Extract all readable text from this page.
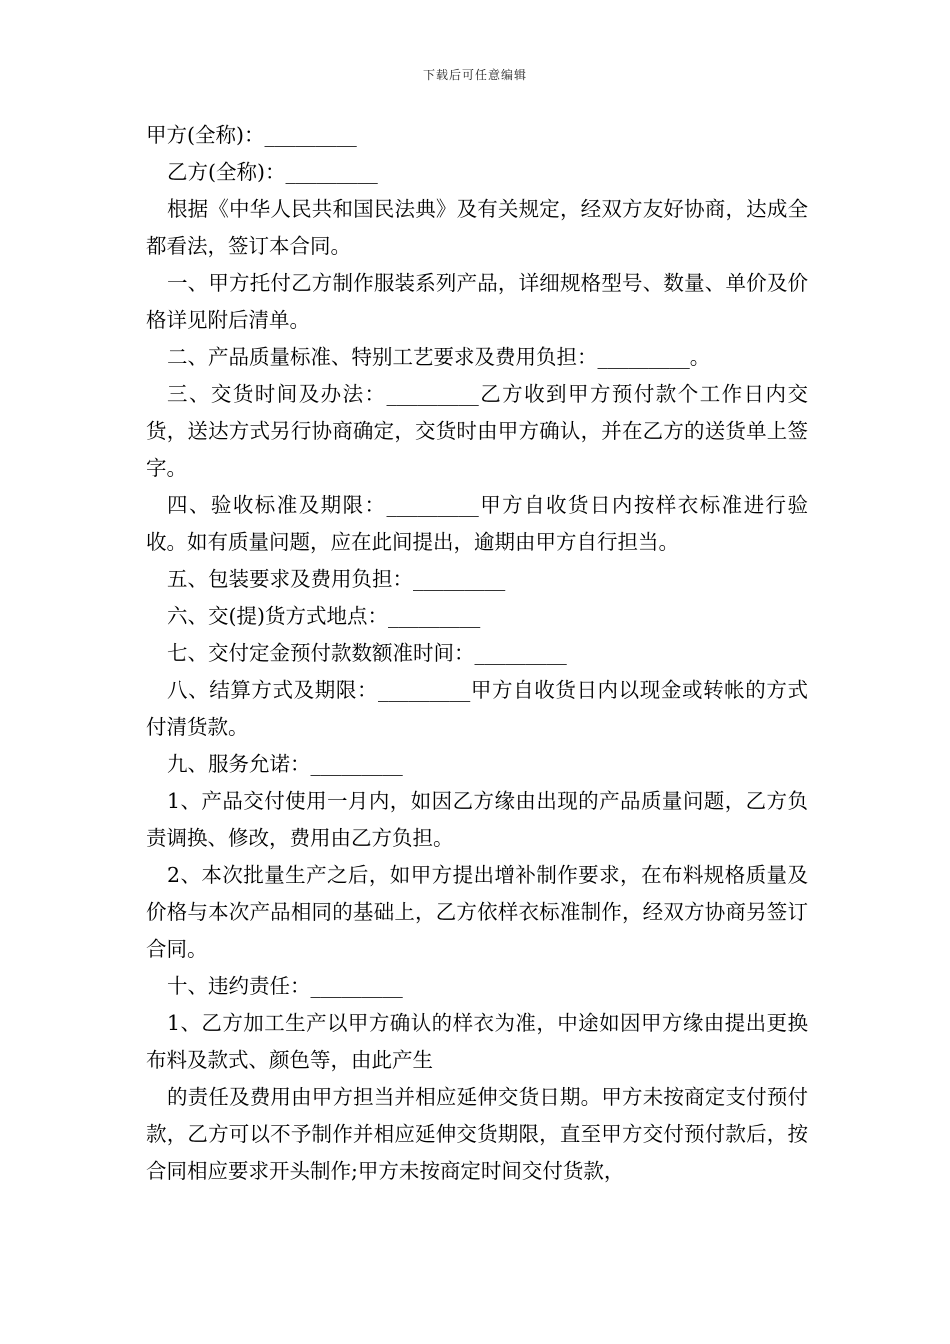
下载后可任意编辑

甲方(全称)：_________

乙方(全称)：_________

根据《中华人民共和国民法典》及有关规定，经双方友好协商，达成全都看法，签订本合同。

一、甲方托付乙方制作服装系列产品，详细规格型号、数量、单价及价格详见附后清单。

二、产品质量标准、特别工艺要求及费用负担：_________。

三、交货时间及办法：_________乙方收到甲方预付款个工作日内交货，送达方式另行协商确定，交货时由甲方确认，并在乙方的送货单上签字。

四、验收标准及期限：_________甲方自收货日内按样衣标准进行验收。如有质量问题，应在此间提出，逾期由甲方自行担当。

五、包装要求及费用负担：_________

六、交(提)货方式地点：_________

七、交付定金预付款数额准时间：_________

八、结算方式及期限：_________甲方自收货日内以现金或转帐的方式付清货款。

九、服务允诺：_________

1、产品交付使用一月内，如因乙方缘由出现的产品质量问题，乙方负责调换、修改，费用由乙方负担。

2、本次批量生产之后，如甲方提出增补制作要求，在布料规格质量及价格与本次产品相同的基础上，乙方依样衣标准制作，经双方协商另签订合同。

十、违约责任：_________

1、乙方加工生产以甲方确认的样衣为准，中途如因甲方缘由提出更换布料及款式、颜色等，由此产生

的责任及费用由甲方担当并相应延伸交货日期。甲方未按商定支付预付款，乙方可以不予制作并相应延伸交货期限，直至甲方交付预付款后，按合同相应要求开头制作;甲方未按商定时间交付货款，
